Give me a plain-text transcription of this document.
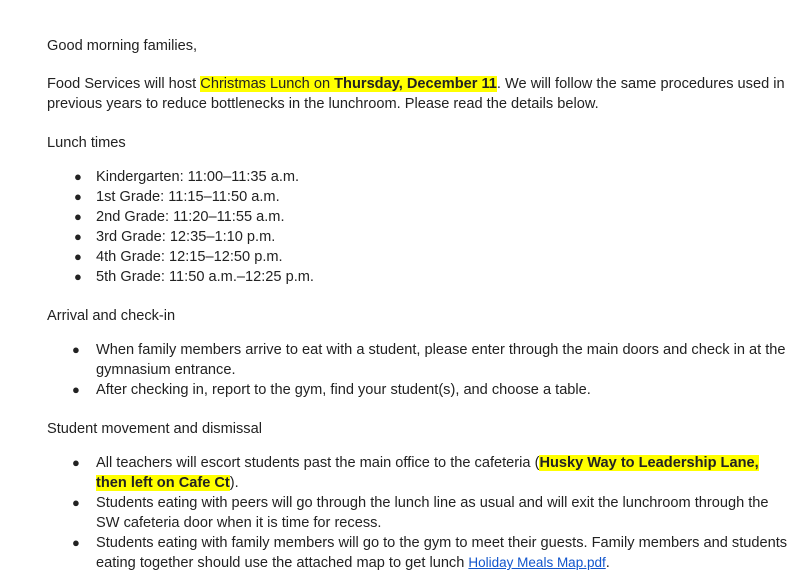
Good morning families,

Food Services will host Christmas Lunch on Thursday, December 11. We will follow the same procedures used in previous years to reduce bottlenecks in the lunchroom. Please read the details below.

Lunch times

● Kindergarten: 11:00–11:35 a.m.
● 1st Grade: 11:15–11:50 a.m.
● 2nd Grade: 11:20–11:55 a.m.
● 3rd Grade: 12:35–1:10 p.m.
● 4th Grade: 12:15–12:50 p.m.
● 5th Grade: 11:50 a.m.–12:25 p.m.

Arrival and check-in

● When family members arrive to eat with a student, please enter through the main doors and check in at the gymnasium entrance.
● After checking in, report to the gym, find your student(s), and choose a table.

Student movement and dismissal

● All teachers will escort students past the main office to the cafeteria (Husky Way to Leadership Lane, then left on Cafe Ct).
● Students eating with peers will go through the lunch line as usual and will exit the lunchroom through the SW cafeteria door when it is time for recess.
● Students eating with family members will go to the gym to meet their guests. Family members and students eating together should use the attached map to get lunch Holiday Meals Map.pdf.
